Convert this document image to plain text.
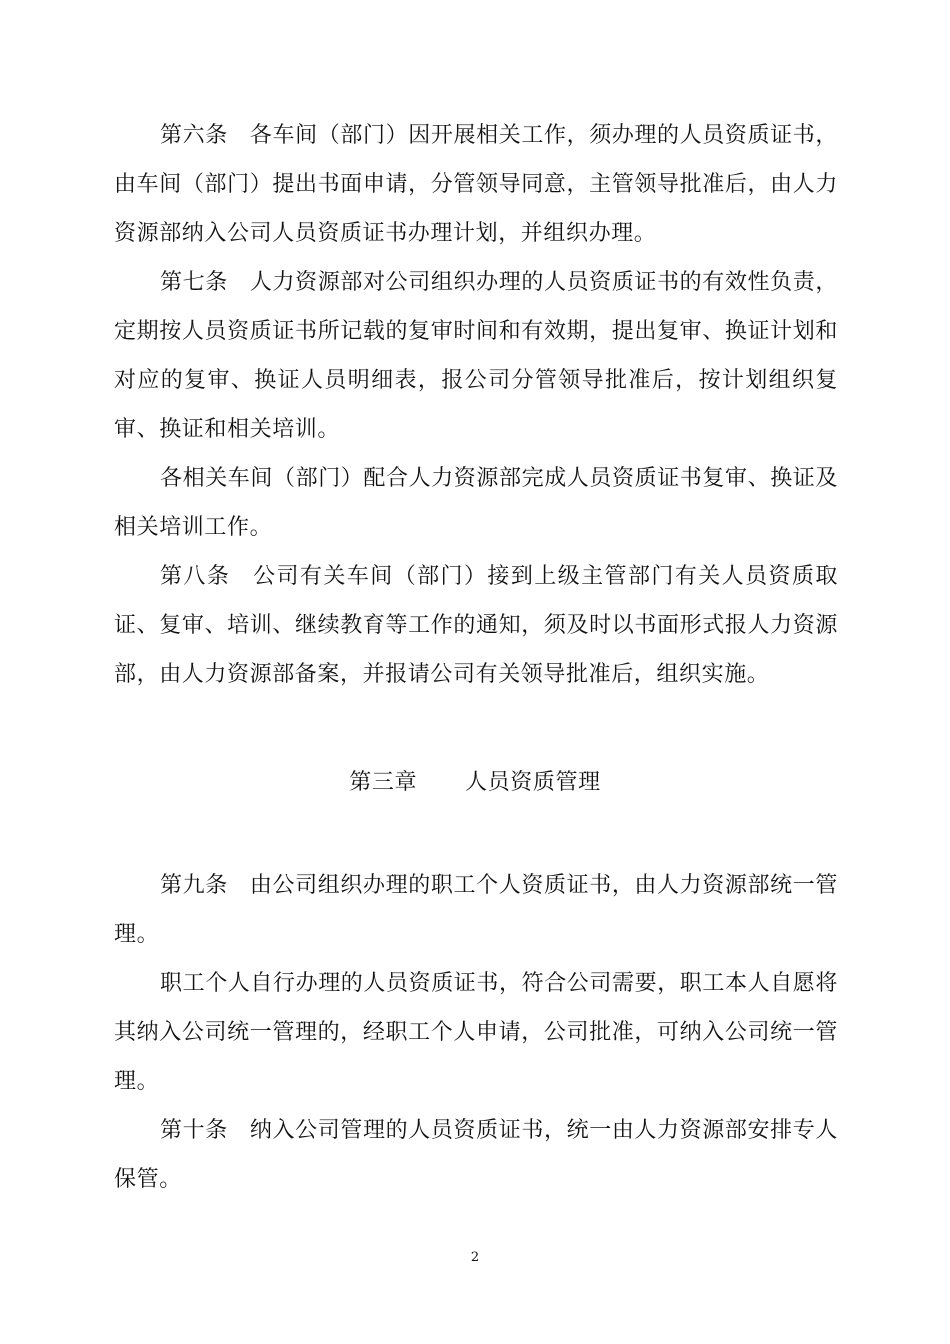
第六条 各车间（部门）因开展相关工作，须办理的人员资质证书，由车间（部门）提出书面申请，分管领导同意，主管领导批准后，由人力资源部纳入公司人员资质证书办理计划，并组织办理。

第七条 人力资源部对公司组织办理的人员资质证书的有效性负责，定期按人员资质证书所记载的复审时间和有效期，提出复审、换证计划和对应的复审、换证人员明细表，报公司分管领导批准后，按计划组织复审、换证和相关培训。

各相关车间（部门）配合人力资源部完成人员资质证书复审、换证及相关培训工作。

第八条 公司有关车间（部门）接到上级主管部门有关人员资质取证、复审、培训、继续教育等工作的通知，须及时以书面形式报人力资源部，由人力资源部备案，并报请公司有关领导批准后，组织实施。

第三章 人员资质管理

第九条 由公司组织办理的职工个人资质证书，由人力资源部统一管理。

职工个人自行办理的人员资质证书，符合公司需要，职工本人自愿将其纳入公司统一管理的，经职工个人申请，公司批准，可纳入公司统一管理。

第十条 纳入公司管理的人员资质证书，统一由人力资源部安排专人保管。

2
